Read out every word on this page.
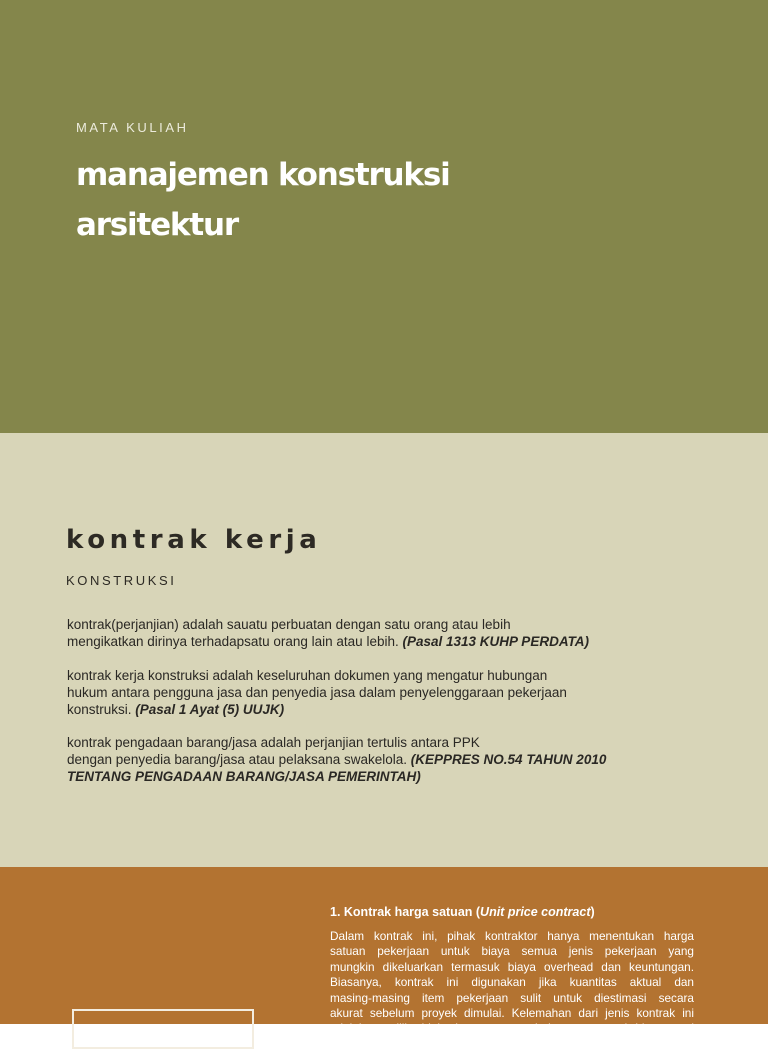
MATA KULIAH
manajemen konstruksi
arsitektur
kontrak kerja
KONSTRUKSI

kontrak(perjanjian) adalah sauatu perbuatan dengan satu orang atau lebih
mengikatkan dirinya terhadapsatu orang lain atau lebih. (Pasal 1313 KUHP PERDATA)

kontrak kerja konstruksi adalah keseluruhan dokumen yang mengatur hubungan
hukum antara pengguna jasa dan penyedia jasa dalam penyelenggaraan pekerjaan
konstruksi. (Pasal 1 Ayat (5) UUJK)

kontrak pengadaan barang/jasa adalah perjanjian tertulis antara PPK
dengan penyedia barang/jasa atau pelaksana swakelola. (KEPPRES NO.54 TAHUN 2010
TENTANG PENGADAAN BARANG/JASA PEMERINTAH)

1. Kontrak harga satuan (Unit price contract)

Dalam kontrak ini, pihak kontraktor hanya menentukan harga
satuan pekerjaan untuk biaya semua jenis pekerjaan yang
mungkin dikeluarkan termasuk biaya overhead dan keuntungan.
Biasanya, kontrak ini digunakan jika kuantitas aktual dan
masing-masing item pekerjaan sulit untuk diestimasi secara
akurat sebelum proyek dimulai. Kelemahan dari jenis kontrak ini
adalah pemilik tidak dapat mengetahui secara pasti biaya total
